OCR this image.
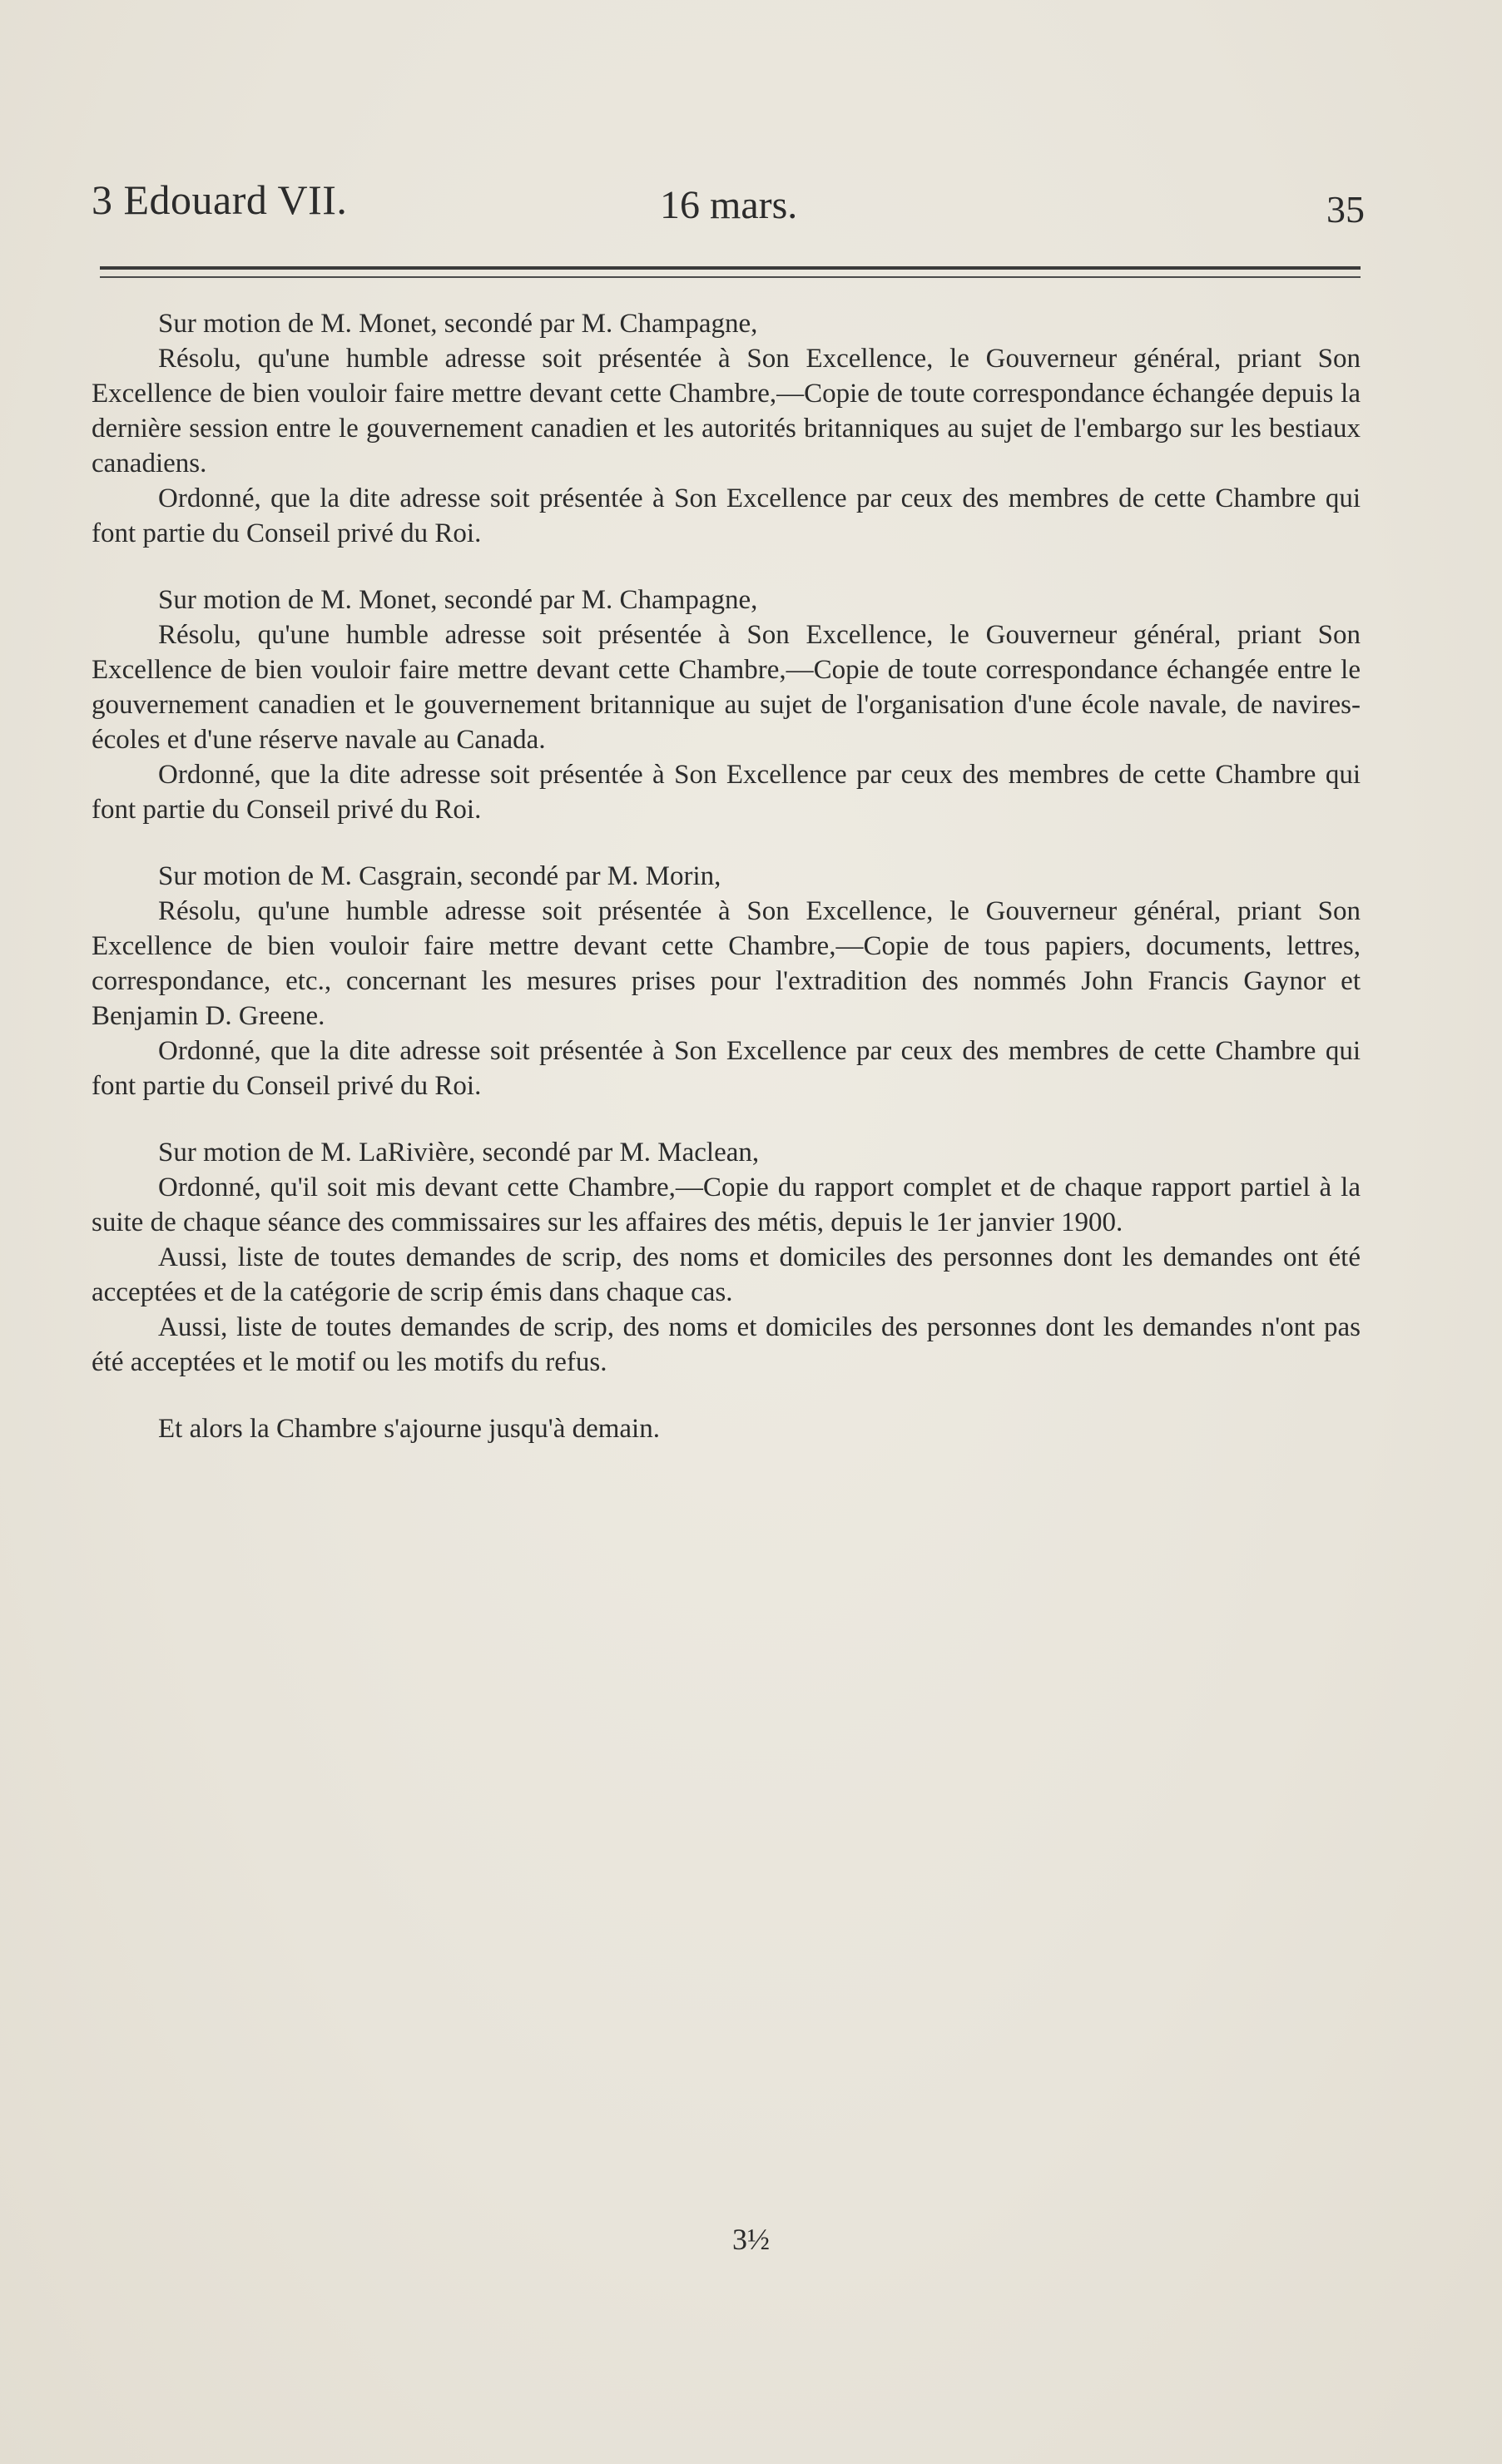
3 Edouard VII.	16 mars.	35

Sur motion de M. Monet, secondé par M. Champagne,

Résolu, qu'une humble adresse soit présentée à Son Excellence, le Gouverneur général, priant Son Excellence de bien vouloir faire mettre devant cette Chambre,—Copie de toute correspondance échangée depuis la dernière session entre le gouvernement canadien et les autorités britanniques au sujet de l'embargo sur les bestiaux canadiens.

Ordonné, que la dite adresse soit présentée à Son Excellence par ceux des membres de cette Chambre qui font partie du Conseil privé du Roi.

Sur motion de M. Monet, secondé par M. Champagne,

Résolu, qu'une humble adresse soit présentée à Son Excellence, le Gouverneur général, priant Son Excellence de bien vouloir faire mettre devant cette Chambre,—Copie de toute correspondance échangée entre le gouvernement canadien et le gouvernement britannique au sujet de l'organisation d'une école navale, de navires-écoles et d'une réserve navale au Canada.

Ordonné, que la dite adresse soit présentée à Son Excellence par ceux des membres de cette Chambre qui font partie du Conseil privé du Roi.

Sur motion de M. Casgrain, secondé par M. Morin,

Résolu, qu'une humble adresse soit présentée à Son Excellence, le Gouverneur général, priant Son Excellence de bien vouloir faire mettre devant cette Chambre,—Copie de tous papiers, documents, lettres, correspondance, etc., concernant les mesures prises pour l'extradition des nommés John Francis Gaynor et Benjamin D. Greene.

Ordonné, que la dite adresse soit présentée à Son Excellence par ceux des membres de cette Chambre qui font partie du Conseil privé du Roi.

Sur motion de M. LaRivière, secondé par M. Maclean,

Ordonné, qu'il soit mis devant cette Chambre,—Copie du rapport complet et de chaque rapport partiel à la suite de chaque séance des commissaires sur les affaires des métis, depuis le 1er janvier 1900.

Aussi, liste de toutes demandes de scrip, des noms et domiciles des personnes dont les demandes ont été acceptées et de la catégorie de scrip émis dans chaque cas.

Aussi, liste de toutes demandes de scrip, des noms et domiciles des personnes dont les demandes n'ont pas été acceptées et le motif ou les motifs du refus.

Et alors la Chambre s'ajourne jusqu'à demain.

3½
